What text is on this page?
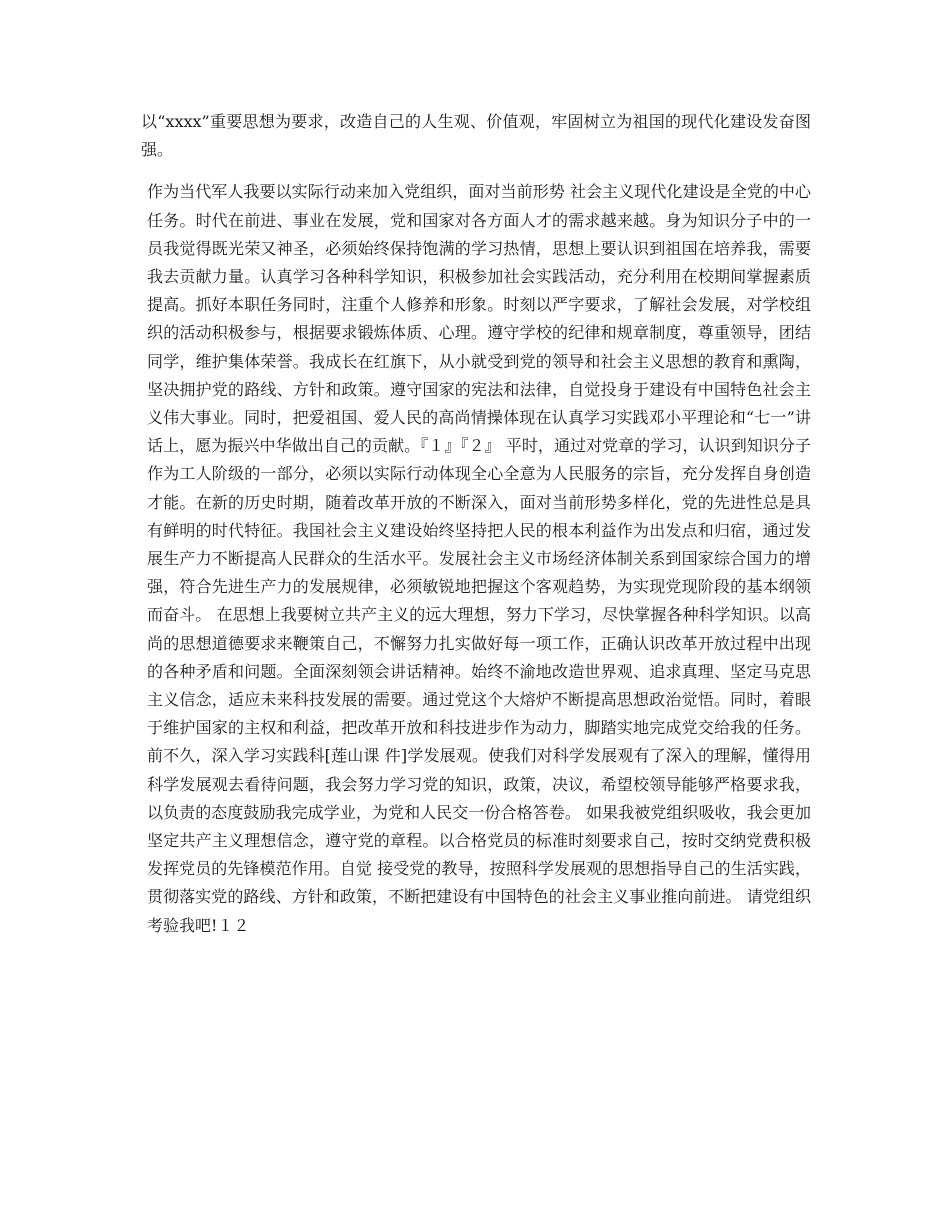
以“xxxx”重要思想为要求，改造自己的人生观、价值观，牢固树立为祖国的现代化建设发奋图强。

作为当代军人我要以实际行动来加入党组织，面对当前形势 社会主义现代化建设是全党的中心任务。时代在前进、事业在发展，党和国家对各方面人才的需求越来越。身为知识分子中的一员我觉得既光荣又神圣，必须始终保持饱满的学习热情，思想上要认识到祖国在培养我，需要我去贡献力量。认真学习各种科学知识，积极参加社会实践活动，充分利用在校期间掌握素质提高。抓好本职任务同时，注重个人修养和形象。时刻以严字要求，了解社会发展，对学校组织的活动积极参与，根据要求锻炼体质、心理。遵守学校的纪律和规章制度，尊重领导，团结同学，维护集体荣誉。我成长在红旗下，从小就受到党的领导和社会主义思想的教育和熏陶，坚决拥护党的路线、方针和政策。遵守国家的宪法和法律，自觉投身于建设有中国特色社会主义伟大事业。同时，把爱祖国、爱人民的高尚情操体现在认真学习实践邓小平理论和“七一”讲话上，愿为振兴中华做出自己的贡献。『１』『２』 平时，通过对党章的学习，认识到知识分子作为工人阶级的一部分，必须以实际行动体现全心全意为人民服务的宗旨，充分发挥自身创造才能。在新的历史时期，随着改革开放的不断深入，面对当前形势多样化，党的先进性总是具有鲜明的时代特征。我国社会主义建设始终坚持把人民的根本利益作为出发点和归宿，通过发展生产力不断提高人民群众的生活水平。发展社会主义市场经济体制关系到国家综合国力的增强，符合先进生产力的发展规律，必须敏锐地把握这个客观趋势，为实现党现阶段的基本纲领而奋斗。 在思想上我要树立共产主义的远大理想，努力下学习，尽快掌握各种科学知识。以高尚的思想道德要求来鞭策自己，不懈努力扎实做好每一项工作，正确认识改革开放过程中出现的各种矛盾和问题。全面深刻领会讲话精神。始终不渝地改造世界观、追求真理、坚定马克思主义信念，适应未来科技发展的需要。通过党这个大熔炉不断提高思想政治觉悟。同时，着眼于维护国家的主权和利益，把改革开放和科技进步作为动力，脚踏实地完成党交给我的任务。 前不久，深入学习实践科[莲山课 件]学发展观。使我们对科学发展观有了深入的理解，懂得用科学发展观去看待问题，我会努力学习党的知识，政策，决议，希望校领导能够严格要求我，以负责的态度鼓励我完成学业，为党和人民交一份合格答卷。 如果我被党组织吸收，我会更加坚定共产主义理想信念，遵守党的章程。以合格党员的标准时刻要求自己，按时交纳党费积极发挥党员的先锋模范作用。自觉 接受党的教导，按照科学发展观的思想指导自己的生活实践，贯彻落实党的路线、方针和政策，不断把建设有中国特色的社会主义事业推向前进。 请党组织考验我吧!１２
